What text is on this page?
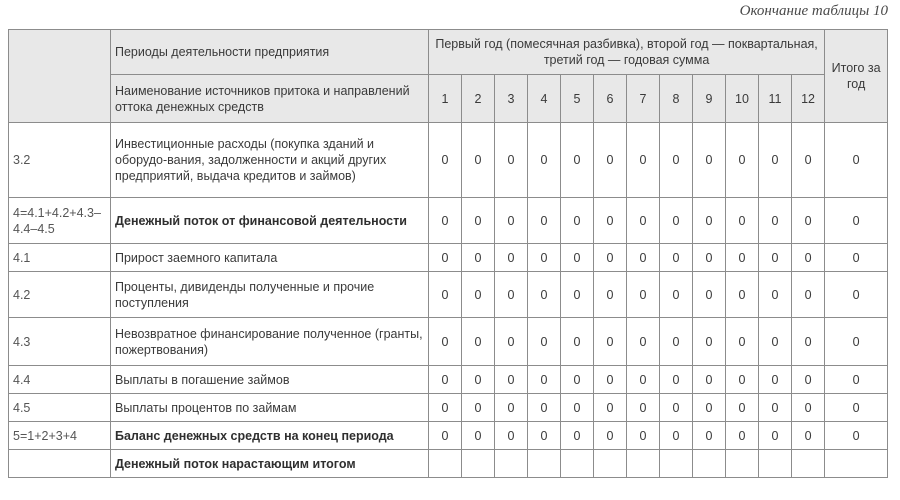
Окончание таблицы 10
	Периоды деятельности предприятия	Первый год (помесячная разбивка), второй год — поквартальная, третий год — годовая сумма												Итого за год
	Наименование источников притока и направлений оттока денежных средств	1	2	3	4	5	6	7	8	9	10	11	12	
3.2	Инвестиционные расходы (покупка зданий и оборудо-вания, задолженности и акций других предприятий, выдача кредитов и займов)	0	0	0	0	0	0	0	0	0	0	0	0	0
4=4.1+4.2+4.3–4.4–4.5	Денежный поток от финансовой деятельности	0	0	0	0	0	0	0	0	0	0	0	0	0
4.1	Прирост заемного капитала	0	0	0	0	0	0	0	0	0	0	0	0	0
4.2	Проценты, дивиденды полученные и прочие поступления	0	0	0	0	0	0	0	0	0	0	0	0	0
4.3	Невозвратное финансирование полученное (гранты, пожертвования)	0	0	0	0	0	0	0	0	0	0	0	0	0
4.4	Выплаты в погашение займов	0	0	0	0	0	0	0	0	0	0	0	0	0
4.5	Выплаты процентов по займам	0	0	0	0	0	0	0	0	0	0	0	0	0
5=1+2+3+4	Баланс денежных средств на конец периода	0	0	0	0	0	0	0	0	0	0	0	0	0
	Денежный поток нарастающим итогом													
